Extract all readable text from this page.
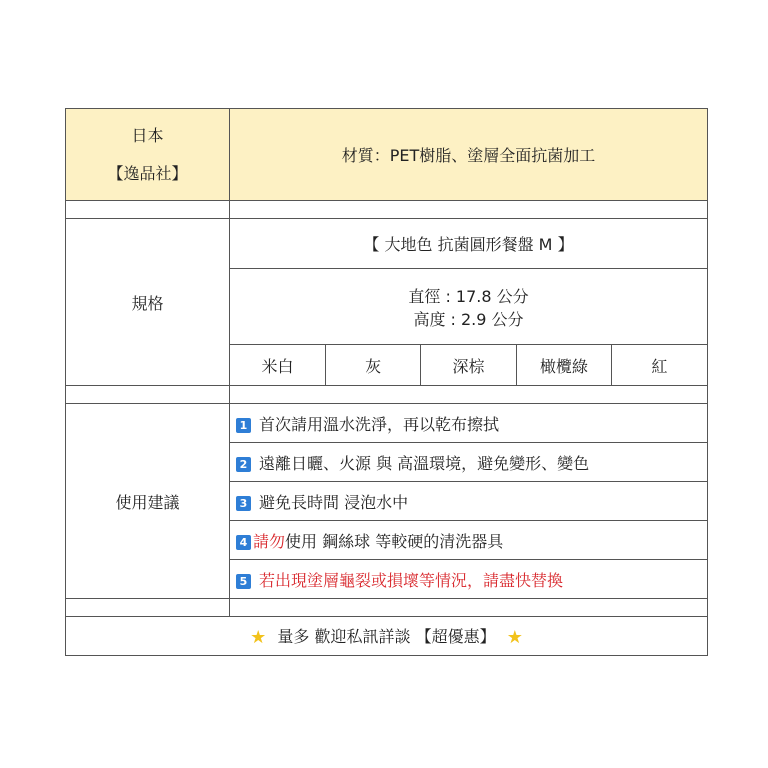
日本
【逸品社】
	材質：PET樹脂、塗層全面抗菌加工

規格	【 大地色 抗菌圓形餐盤 M 】

直徑 : 17.8 公分
高度 : 2.9 公分

米白	灰	深棕	橄欖綠	紅

使用建議	1 首次請用溫水洗淨，再以乾布擦拭
2 遠離日曬、火源 與 高溫環境，避免變形、變色
3 避免長時間 浸泡水中
4 請勿使用 鋼絲球 等較硬的清洗器具
5 若出現塗層龜裂或損壞等情況，請盡快替換

★ 量多 歡迎私訊詳談 【超優惠】 ★
